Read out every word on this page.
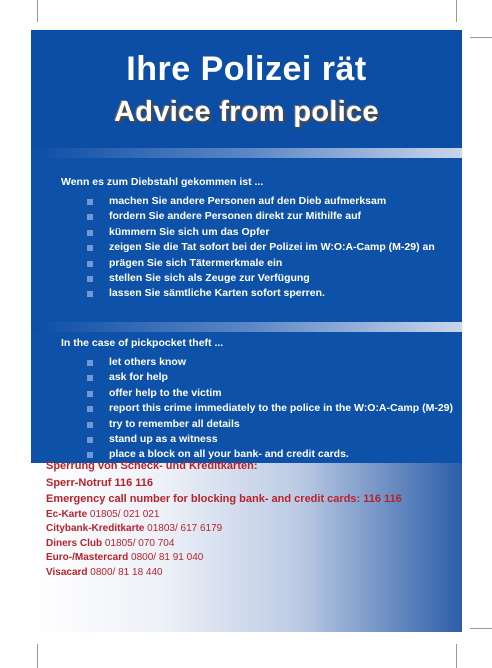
Ihre Polizei rät
Advice from police
Wenn es zum Diebstahl gekommen ist ...
machen Sie andere Personen auf den Dieb aufmerksam
fordern Sie andere Personen direkt zur Mithilfe auf
kümmern Sie sich um das Opfer
zeigen Sie die Tat sofort bei der Polizei im W:O:A-Camp (M-29) an
prägen Sie sich Tätermerkmale ein
stellen Sie sich als Zeuge zur Verfügung
lassen Sie sämtliche Karten sofort sperren.
In the case of pickpocket theft ...
let others know
ask for help
offer help to the victim
report this crime immediately to the police in the W:O:A-Camp (M-29)
try to remember all details
stand up as a witness
place a block on all your bank- and credit cards.
Sperrung von Scheck- und Kreditkarten:
Sperr-Notruf 116 116
Emergency call number for blocking bank- and credit cards: 116 116
Ec-Karte 01805/ 021 021
Citybank-Kreditkarte 01803/ 617 6179
Diners Club 01805/ 070 704
Euro-/Mastercard 0800/ 81 91 040
Visacard 0800/ 81 18 440
